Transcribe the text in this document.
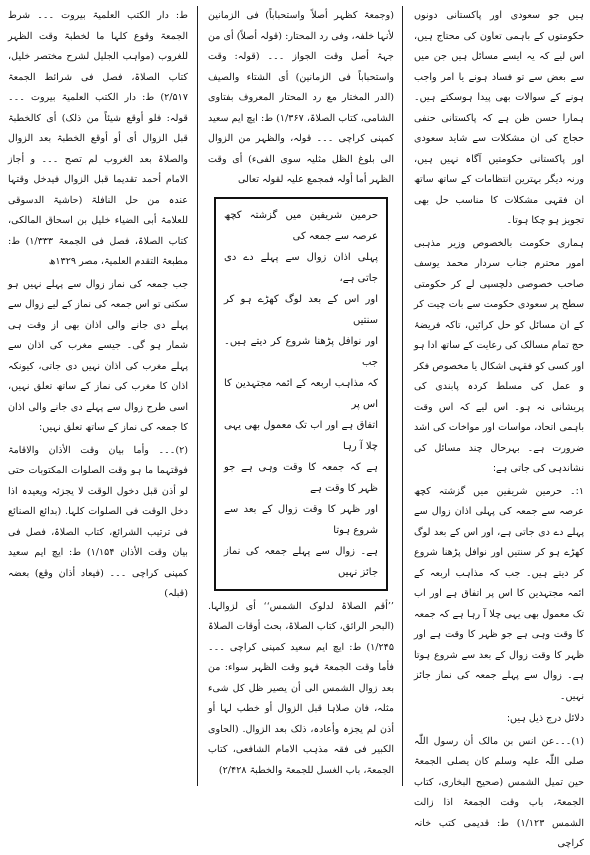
ہیں جو سعودی اور پاکستانی دونوں حکومتوں کے باہمی تعاون کی محتاج ہیں، اس لیے کہ یہ ایسے مسائل ہیں جن میں سے بعض سے تو فساد ہونے یا امر واجب ہونے کے سوالات بھی پیدا ہوسکتے ہیں۔ ہمارا حسن ظن ہے کہ پاکستانی حنفی حجاج کی ان مشکلات سے شاید سعودی اور پاکستانی حکومتیں آگاہ نہیں ہیں، ورنہ دیگر بہترین انتظامات کے ساتھ ساتھ ان فقہی مشکلات کا مناسب حل بھی تجویز ہو چکا ہوتا۔

ہماری حکومت بالخصوص وزیر مذہبی امور محترم جناب سردار محمد یوسف صاحب خصوصی دلچسپی لے کر حکومتی سطح پر سعودی حکومت سے بات چیت کر کے ان مسائل کو حل کرائیں، تاکہ فریضۂ حج تمام مسالک کی رعایت کے ساتھ ادا ہو اور کسی کو فقہی اشکال یا مخصوص فکر و عمل کی مسلط کردہ پابندی کی پریشانی نہ ہو۔ اس لیے کہ اس وقت باہمی اتحاد، مواسات اور مواخات کی اشد ضرورت ہے۔ بہرحال چند مسائل کی نشاندہی کی جاتی ہے:

۱:۔ حرمین شریفین میں گزشتہ کچھ عرصہ سے جمعہ کی پہلی اذان زوال سے پہلے دے دی جاتی ہے، اور اس کے بعد لوگ کھڑے ہو کر سنتیں اور نوافل پڑھنا شروع کر دیتے ہیں۔ جب کہ مذاہب اربعہ کے ائمہ مجتہدین کا اس پر اتفاق ہے اور اب تک معمول بھی یہی چلا آ رہا ہے کہ جمعہ کا وقت وہی ہے جو ظہر کا وقت ہے اور ظہر کا وقت زوال کے بعد سے شروع ہوتا ہے۔ زوال سے پہلے جمعہ کی نماز جائز نہیں۔

دلائل درج ذیل ہیں:

(۱)۔۔۔عن انس بن مالک أن رسول اللّٰہ صلی اللّٰہ علیہ وسلم کان یصلی الجمعۃ حین تمیل الشمس (صحیح البخاری، کتاب الجمعۃ، باب وقت الجمعۃ اذا زالت الشمس ۱/۱۲۳) ط: قدیمی کتب خانہ کراچی

(وجمعۃ کظہر أصلاً واستحباباً) فی الزمانین لأنہا خلفہ، وفی رد المحتار: (قولہ أصلاً) أی من جہۃ أصل وقت الجواز ۔۔۔ (قولہ: وقت واستحباباً فی الزمانین) أی الشتاء والصیف (الدر المختار مع رد المحتار المعروف بفتاوی الشامی، کتاب الصلاۃ، ۱/۳۶۷) ط: ایچ ایم سعید کمپنی کراچی ۔۔۔ قولہ، والظہر من الزوال الی بلوغ الظل مثلیہ سوی الفیء) أی وقت الظہر أما أولہ فمجمع علیہ لقولہ تعالی

حرمین شریفین میں گزشتہ کچھ عرصہ سے جمعہ کی
پہلی اذان زوال سے پہلے دے دی جاتی ہے،
اور اس کے بعد لوگ کھڑے ہو کر سنتیں
اور نوافل پڑھنا شروع کر دیتے ہیں۔ جب
کہ مذاہب اربعہ کے ائمہ مجتہدین کا اس پر
اتفاق ہے اور اب تک معمول بھی یہی چلا آ رہا
ہے کہ جمعہ کا وقت وہی ہے جو ظہر کا وقت ہے
اور ظہر کا وقت زوال کے بعد سے شروع ہوتا
ہے۔ زوال سے پہلے جمعہ کی نماز جائز نہیں

’’أقم الصلاۃ لدلوک الشمس‘‘ أی لزوالہا. (البحر الرائق، کتاب الصلاۃ، بحث أوقات الصلاۃ ۱/۲۴۵) ط: ایچ ایم سعید کمپنی کراچی ۔۔۔ فأما وقت الجمعۃ فہو وقت الظہر سواء: من بعد زوال الشمس الی أن یصیر ظل کل شیء مثلہ، فان صلاہا قبل الزوال أو خطب لہا أو أذن لم یجزہ وأعادہ، ذلک بعد الزوال. (الحاوی الکبیر فی فقہ مذہب الامام الشافعی، کتاب الجمعۃ، باب الغسل للجمعۃ والخطبۃ ۲/۴۲۸)

ط: دار الکتب العلمیۃ بیروت ۔۔۔ شرط الجمعۃ وقوع کلہا ما لخطبۃ وقت الظہر للغروب (مواہب الجلیل لشرح مختصر خلیل، کتاب الصلاۃ، فصل فی شرائط الجمعۃ ۲/۵۱۷) ط: دار الکتب العلمیۃ بیروت ۔۔۔ قولہ: فلو أوقع شیئاً من ذلک) أی کالخطبۃ قبل الزوال أی أو أوقع الخطبۃ بعد الزوال والصلاۃ بعد الغروب لم تصح ۔۔۔ و أجاز الامام أحمد تقدیما قبل الزوال فیدخل وقتہا عندہ من حل النافلۃ (حاشیۃ الدسوقی للعلامۃ أبی الضیاء خلیل بن اسحاق المالکی، کتاب الصلاۃ، فصل فی الجمعۃ ۱/۳۳۳) ط: مطبعۃ التقدم العلمیۃ، مصر ۱۳۲۹ھ

جب جمعہ کی نماز زوال سے پہلے نہیں ہو سکتی تو اس جمعہ کی نماز کے لیے زوال سے پہلے دی جانے والی اذان بھی از وقت ہی شمار ہو گی۔ جیسے مغرب کی اذان سے پہلے مغرب کی اذان نہیں دی جاتی، کیونکہ اذان کا مغرب کی نماز کے ساتھ تعلق نہیں، اسی طرح زوال سے پہلے دی جانے والی اذان کا جمعہ کی نماز کے ساتھ تعلق نہیں:

(۲)۔۔۔ وأما بیان وقت الأذان والاقامۃ فوقتہما ما ہو وقت الصلوات المکتوبات حتی لو أذن قبل دخول الوقت لا یجزئہ ویعیدہ اذا دخل الوقت فی الصلوات کلہا. (بدائع الصنائع فی ترتیب الشرائع، کتاب الصلاۃ، فصل فی بیان وقت الأذان ۱/۱۵۴) ط: ایچ ایم سعید کمپنی کراچی ۔۔۔ (فیعاد أذان وقع) بعضہ (قبلہ)
